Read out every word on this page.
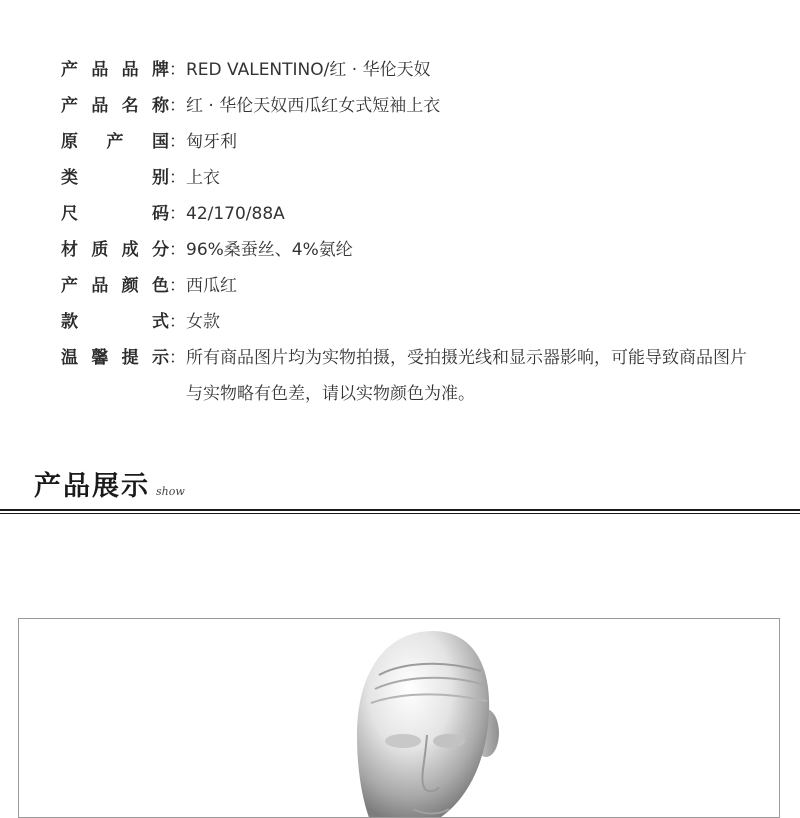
产品品牌 ： RED VALENTINO/红 · 华伦天奴
产品名称 ： 红 · 华伦天奴西瓜红女式短袖上衣
原产国 ： 匈牙利
类别 ： 上衣
尺码 ： 42/170/88A
材质成分 ： 96%桑蚕丝、4%氨纶
产品颜色 ： 西瓜红
款式 ： 女款
温馨提示 ： 所有商品图片均为实物拍摄，受拍摄光线和显示器影响，可能导致商品图片与实物略有色差，请以实物颜色为准。
产品展示 show
